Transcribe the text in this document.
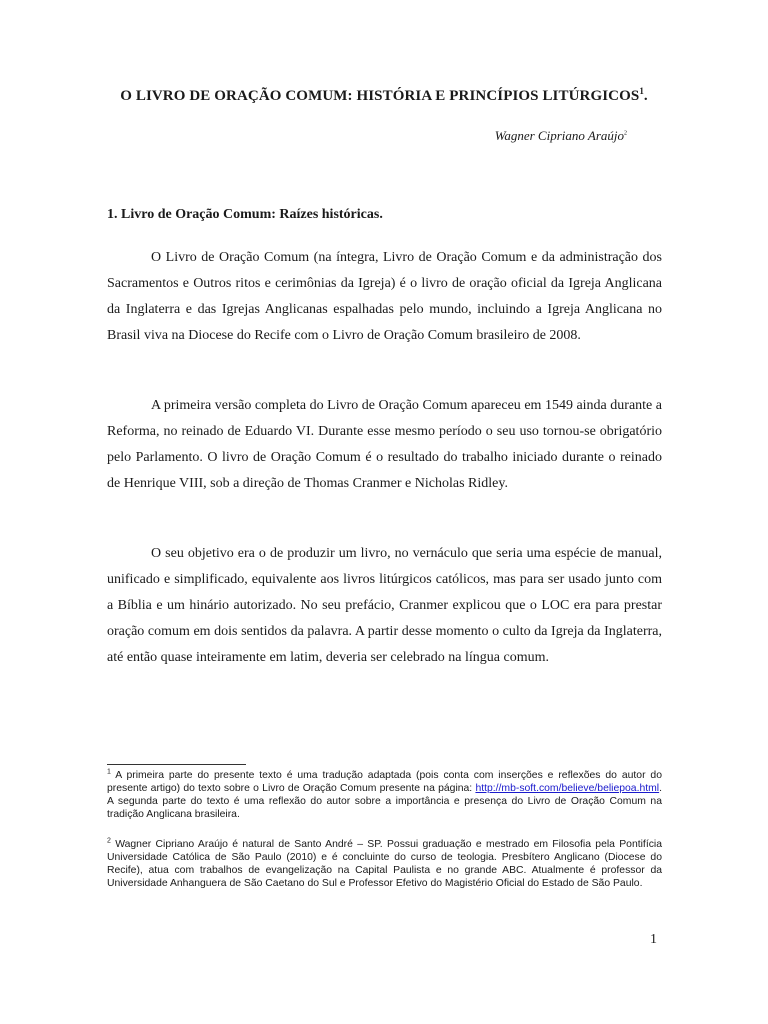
O LIVRO DE ORAÇÃO COMUM: HISTÓRIA E PRINCÍPIOS LITÚRGICOS$^1$.
Wagner Cipriano Araújo$^2$
1. Livro de Oração Comum: Raízes históricas.

O Livro de Oração Comum (na íntegra, Livro de Oração Comum e da administração dos Sacramentos e Outros ritos e cerimônias da Igreja) é o livro de oração oficial da Igreja Anglicana da Inglaterra e das Igrejas Anglicanas espalhadas pelo mundo, incluindo a Igreja Anglicana no Brasil viva na Diocese do Recife com o Livro de Oração Comum brasileiro de 2008.

A primeira versão completa do Livro de Oração Comum apareceu em 1549 ainda durante a Reforma, no reinado de Eduardo VI. Durante esse mesmo período o seu uso tornou-se obrigatório pelo Parlamento. O livro de Oração Comum é o resultado do trabalho iniciado durante o reinado de Henrique VIII, sob a direção de Thomas Cranmer e Nicholas Ridley.

O seu objetivo era o de produzir um livro, no vernáculo que seria uma espécie de manual, unificado e simplificado, equivalente aos livros litúrgicos católicos, mas para ser usado junto com a Bíblia e um hinário autorizado. No seu prefácio, Cranmer explicou que o LOC era para prestar oração comum em dois sentidos da palavra. A partir desse momento o culto da Igreja da Inglaterra, até então quase inteiramente em latim, deveria ser celebrado na língua comum.

$^1$ A primeira parte do presente texto é uma tradução adaptada (pois conta com inserções e reflexões do autor do presente artigo) do texto sobre o Livro de Oração Comum presente na página: http://mb-soft.com/believe/beliepoa.html. A segunda parte do texto é uma reflexão do autor sobre a importância e presença do Livro de Oração Comum na tradição Anglicana brasileira.

$^2$ Wagner Cipriano Araújo é natural de Santo André – SP. Possui graduação e mestrado em Filosofia pela Pontifícia Universidade Católica de São Paulo (2010) e é concluinte do curso de teologia. Presbítero Anglicano (Diocese do Recife), atua com trabalhos de evangelização na Capital Paulista e no grande ABC. Atualmente é professor da Universidade Anhanguera de São Caetano do Sul e Professor Efetivo do Magistério Oficial do Estado de São Paulo.

1
